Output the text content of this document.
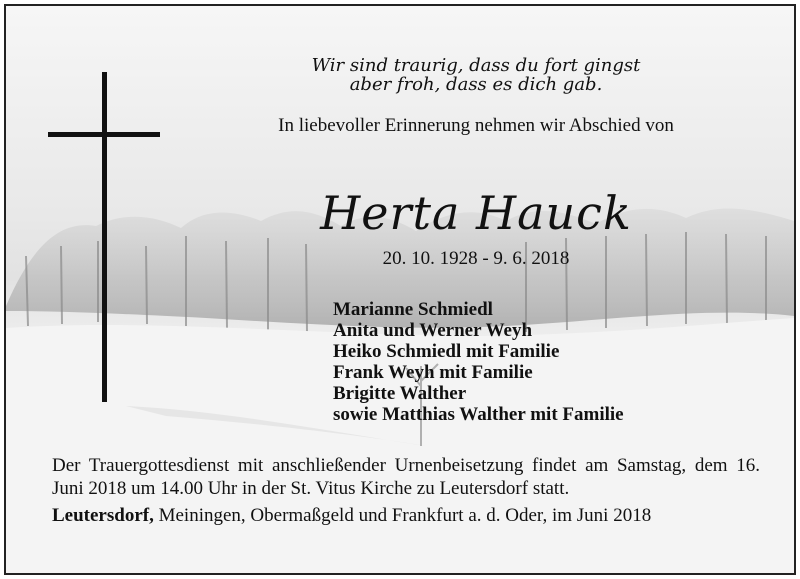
Wir sind traurig, dass du fort gingst
aber froh, dass es dich gab.
In liebevoller Erinnerung nehmen wir Abschied von
Herta Hauck
20. 10. 1928 - 9. 6. 2018
Marianne Schmiedl
Anita und Werner Weyh
Heiko Schmiedl mit Familie
Frank Weyh mit Familie
Brigitte Walther
sowie Matthias Walther mit Familie

Der Trauergottesdienst mit anschließender Urnenbeisetzung findet am Samstag, dem 16. Juni 2018 um 14.00 Uhr in der St. Vitus Kirche zu Leutersdorf statt.

Leutersdorf, Meiningen, Obermaßgeld und Frankfurt a. d. Oder, im Juni 2018
